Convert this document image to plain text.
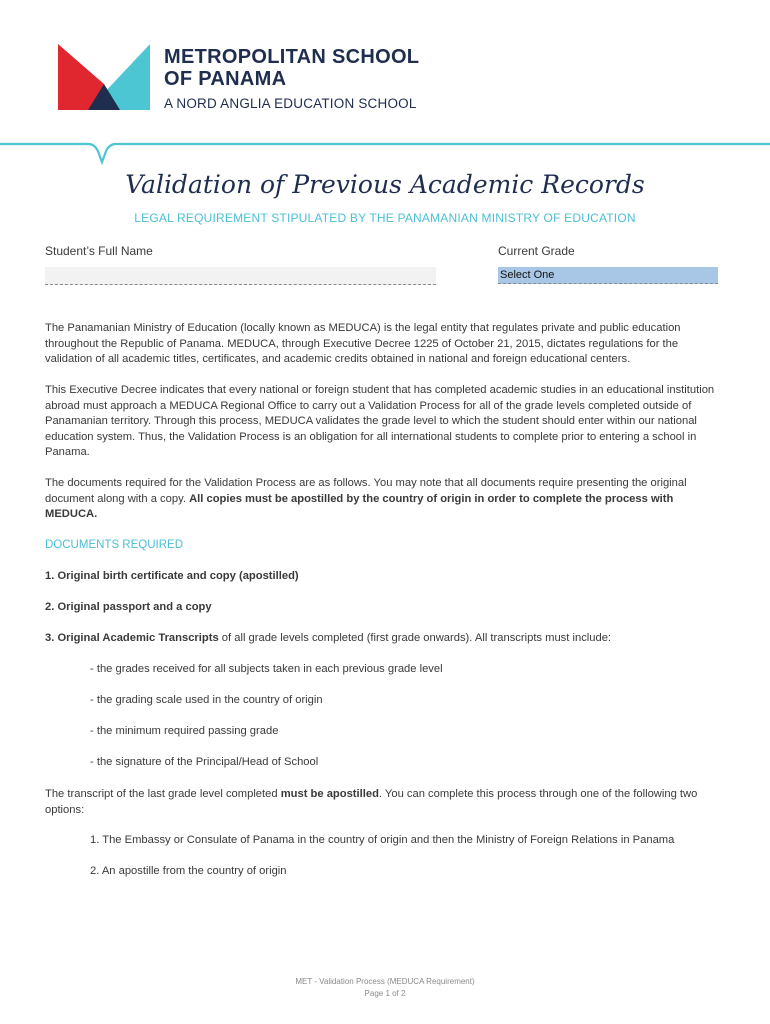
METROPOLITAN SCHOOL
OF PANAMA
A NORD ANGLIA EDUCATION SCHOOL
Validation of Previous Academic Records
LEGAL REQUIREMENT STIPULATED BY THE PANAMANIAN MINISTRY OF EDUCATION
Student’s Full Name	Current Grade
Select One

The Panamanian Ministry of Education (locally known as MEDUCA) is the legal entity that regulates private and public education throughout the Republic of Panama. MEDUCA, through Executive Decree 1225 of October 21, 2015, dictates regulations for the validation of all academic titles, certificates, and academic credits obtained in national and foreign educational centers.

This Executive Decree indicates that every national or foreign student that has completed academic studies in an educational institution abroad must approach a MEDUCA Regional Office to carry out a Validation Process for all of the grade levels completed outside of Panamanian territory. Through this process, MEDUCA validates the grade level to which the student should enter within our national education system. Thus, the Validation Process is an obligation for all international students to complete prior to entering a school in Panama.

The documents required for the Validation Process are as follows. You may note that all documents require presenting the original document along with a copy. All copies must be apostilled by the country of origin in order to complete the process with MEDUCA.

DOCUMENTS REQUIRED
1. Original birth certificate and copy (apostilled)
2. Original passport and a copy
3. Original Academic Transcripts of all grade levels completed (first grade onwards). All transcripts must include:
- the grades received for all subjects taken in each previous grade level
- the grading scale used in the country of origin
- the minimum required passing grade
- the signature of the Principal/Head of School

The transcript of the last grade level completed must be apostilled. You can complete this process through one of the following two options:

1. The Embassy or Consulate of Panama in the country of origin and then the Ministry of Foreign Relations in Panama
2. An apostille from the country of origin
MET - Validation Process (MEDUCA Requirement)
Page 1 of 2
